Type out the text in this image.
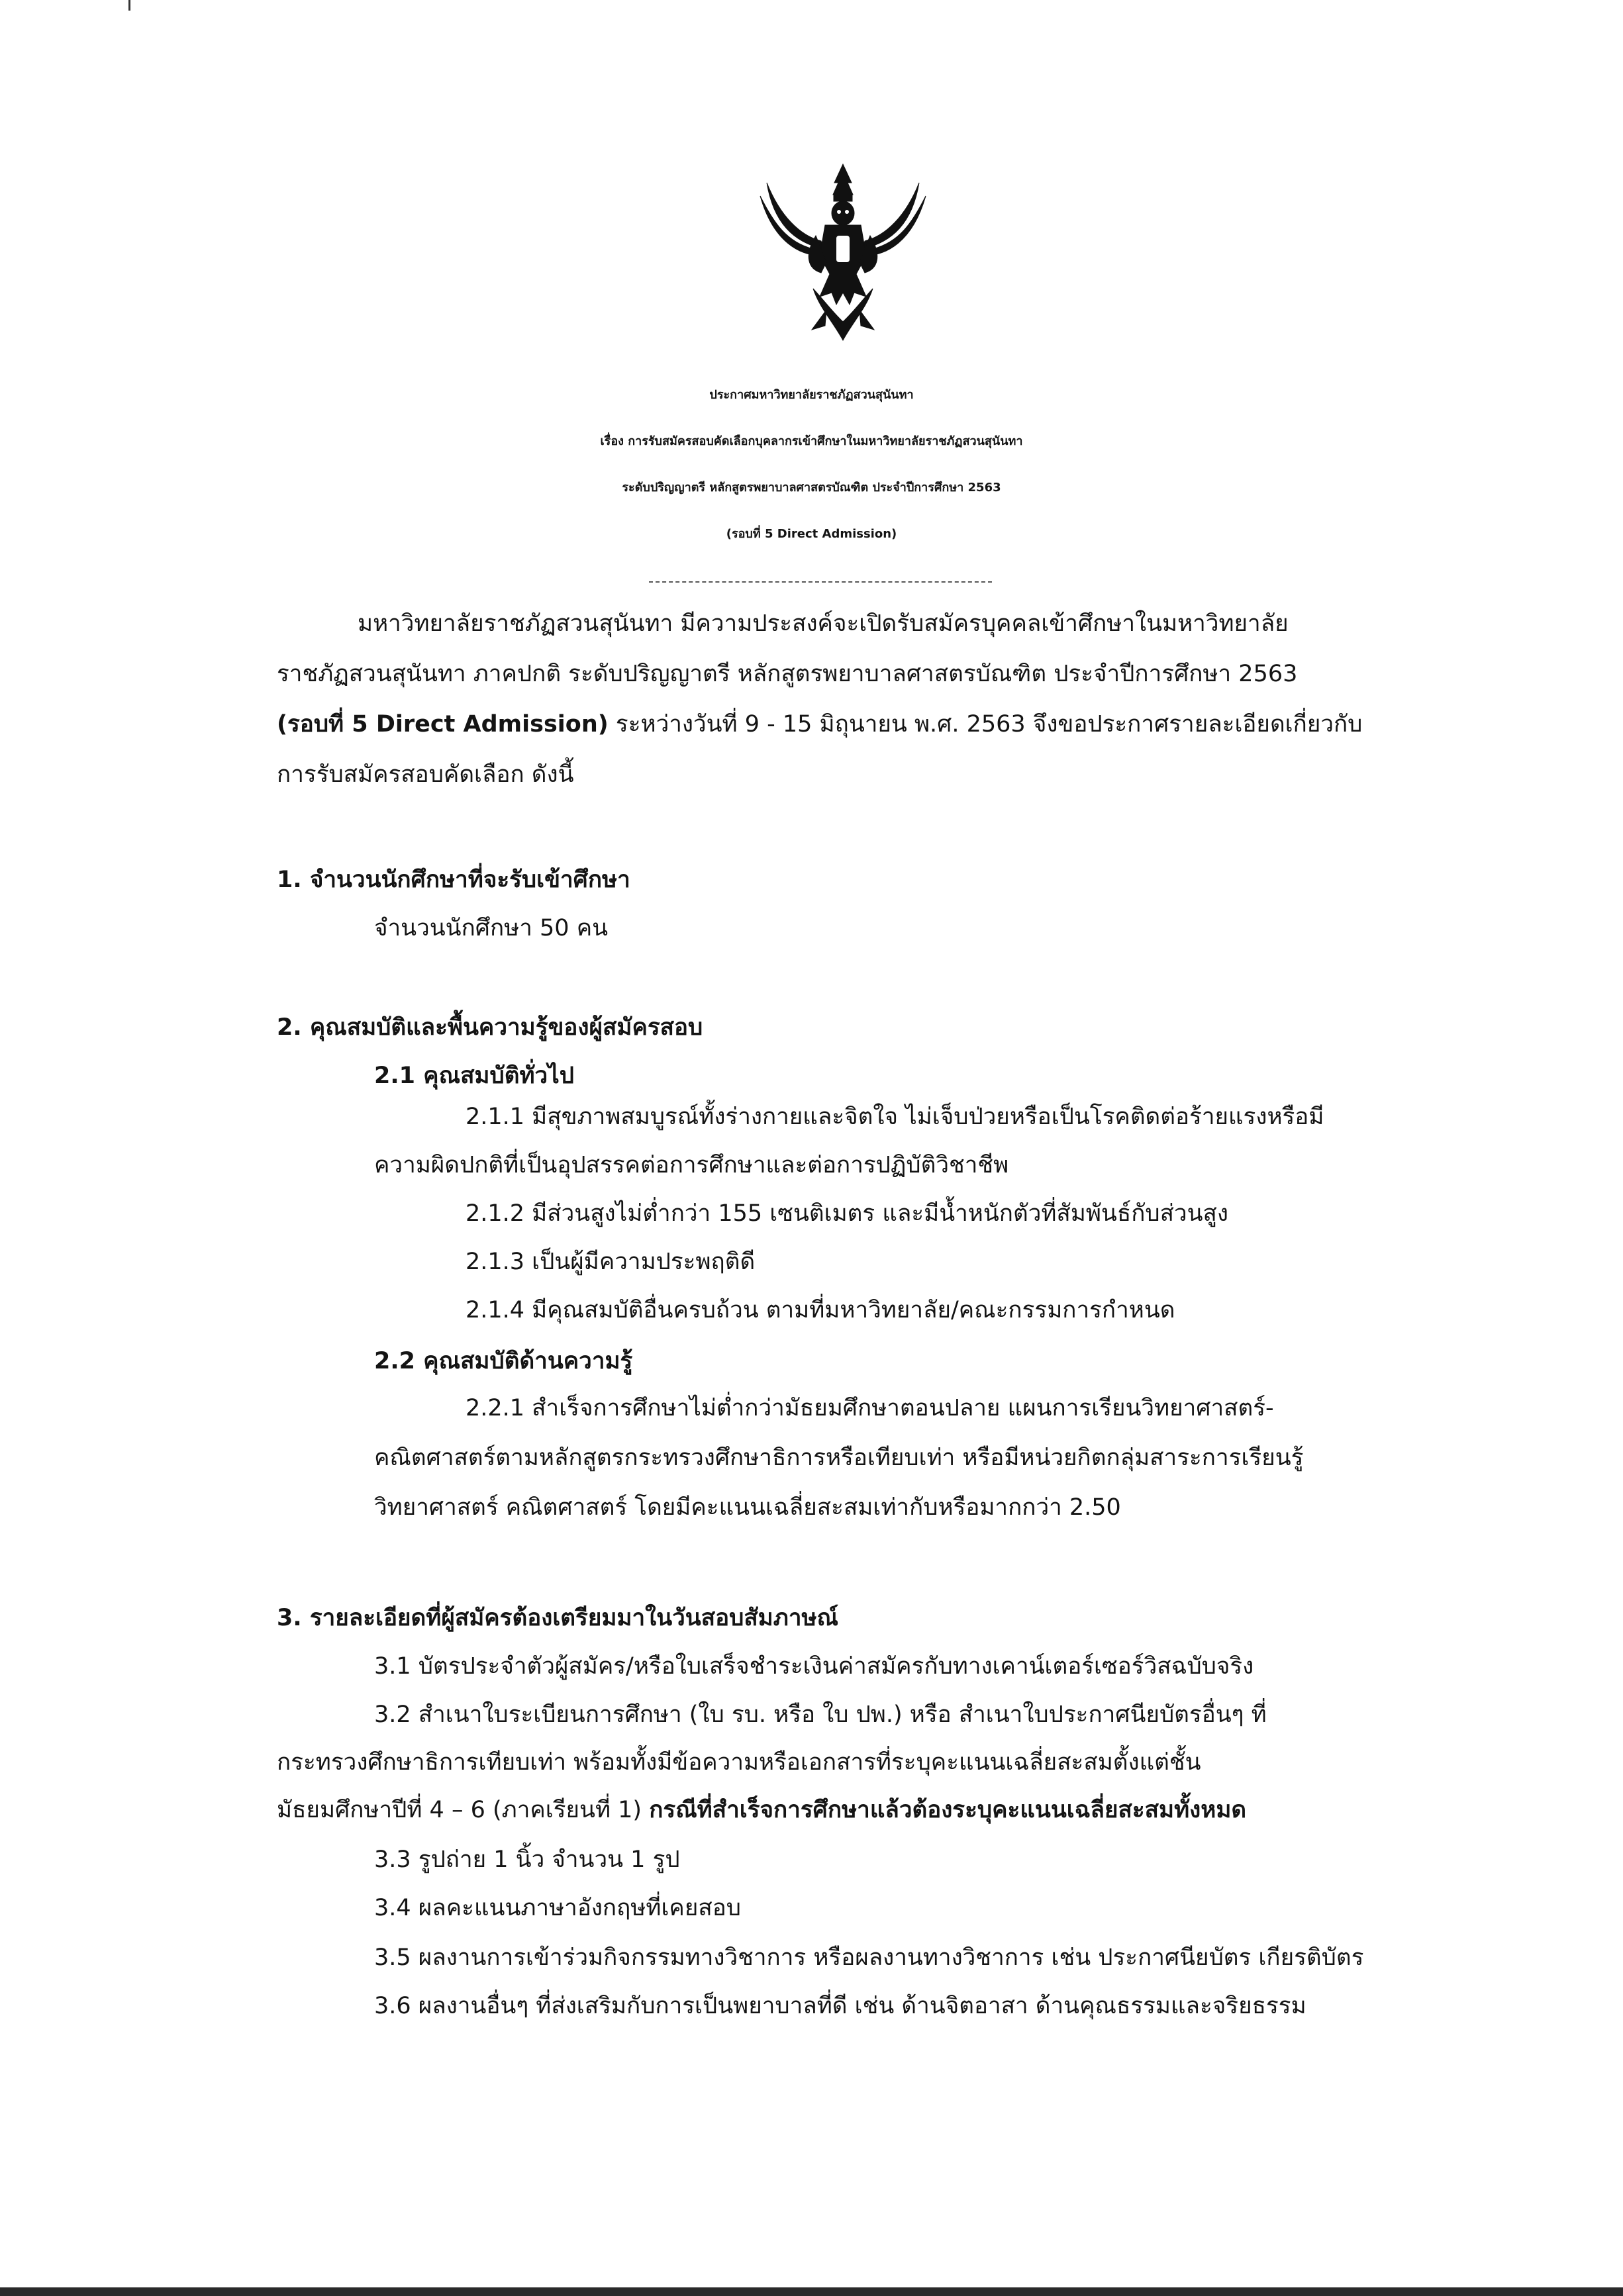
ประกาศมหาวิทยาลัยราชภัฏสวนสุนันทา
เรื่อง การรับสมัครสอบคัดเลือกบุคลากรเข้าศึกษาในมหาวิทยาลัยราชภัฏสวนสุนันทา
ระดับปริญญาตรี หลักสูตรพยาบาลศาสตรบัณฑิต ประจำปีการศึกษา 2563
(รอบที่ 5 Direct Admission)
มหาวิทยาลัยราชภัฏสวนสุนันทา มีความประสงค์จะเปิดรับสมัครบุคคลเข้าศึกษาในมหาวิทยาลัย
ราชภัฏสวนสุนันทา ภาคปกติ ระดับปริญญาตรี หลักสูตรพยาบาลศาสตรบัณฑิต ประจำปีการศึกษา 2563
(รอบที่ 5 Direct Admission) ระหว่างวันที่ 9 - 15 มิถุนายน พ.ศ. 2563 จึงขอประกาศรายละเอียดเกี่ยวกับ
การรับสมัครสอบคัดเลือก ดังนี้
1. จำนวนนักศึกษาที่จะรับเข้าศึกษา
จำนวนนักศึกษา 50 คน
2. คุณสมบัติและพื้นความรู้ของผู้สมัครสอบ
2.1 คุณสมบัติทั่วไป
2.1.1 มีสุขภาพสมบูรณ์ทั้งร่างกายและจิตใจ ไม่เจ็บป่วยหรือเป็นโรคติดต่อร้ายแรงหรือมี
ความผิดปกติที่เป็นอุปสรรคต่อการศึกษาและต่อการปฏิบัติวิชาชีพ
2.1.2 มีส่วนสูงไม่ต่ำกว่า 155 เซนติเมตร และมีน้ำหนักตัวที่สัมพันธ์กับส่วนสูง
2.1.3 เป็นผู้มีความประพฤติดี
2.1.4 มีคุณสมบัติอื่นครบถ้วน ตามที่มหาวิทยาลัย/คณะกรรมการกำหนด
2.2 คุณสมบัติด้านความรู้
2.2.1 สำเร็จการศึกษาไม่ต่ำกว่ามัธยมศึกษาตอนปลาย แผนการเรียนวิทยาศาสตร์-
คณิตศาสตร์ตามหลักสูตรกระทรวงศึกษาธิการหรือเทียบเท่า หรือมีหน่วยกิตกลุ่มสาระการเรียนรู้
วิทยาศาสตร์ คณิตศาสตร์ โดยมีคะแนนเฉลี่ยสะสมเท่ากับหรือมากกว่า 2.50
3. รายละเอียดที่ผู้สมัครต้องเตรียมมาในวันสอบสัมภาษณ์
3.1 บัตรประจำตัวผู้สมัคร/หรือใบเสร็จชำระเงินค่าสมัครกับทางเคาน์เตอร์เซอร์วิสฉบับจริง
3.2 สำเนาใบระเบียนการศึกษา (ใบ รบ. หรือ ใบ ปพ.) หรือ สำเนาใบประกาศนียบัตรอื่นๆ ที่
กระทรวงศึกษาธิการเทียบเท่า พร้อมทั้งมีข้อความหรือเอกสารที่ระบุคะแนนเฉลี่ยสะสมตั้งแต่ชั้น
มัธยมศึกษาปีที่ 4 – 6 (ภาคเรียนที่ 1) กรณีที่สำเร็จการศึกษาแล้วต้องระบุคะแนนเฉลี่ยสะสมทั้งหมด
3.3 รูปถ่าย 1 นิ้ว จำนวน 1 รูป
3.4 ผลคะแนนภาษาอังกฤษที่เคยสอบ
3.5 ผลงานการเข้าร่วมกิจกรรมทางวิชาการ หรือผลงานทางวิชาการ เช่น ประกาศนียบัตร เกียรติบัตร
3.6 ผลงานอื่นๆ ที่ส่งเสริมกับการเป็นพยาบาลที่ดี เช่น ด้านจิตอาสา ด้านคุณธรรมและจริยธรรม
